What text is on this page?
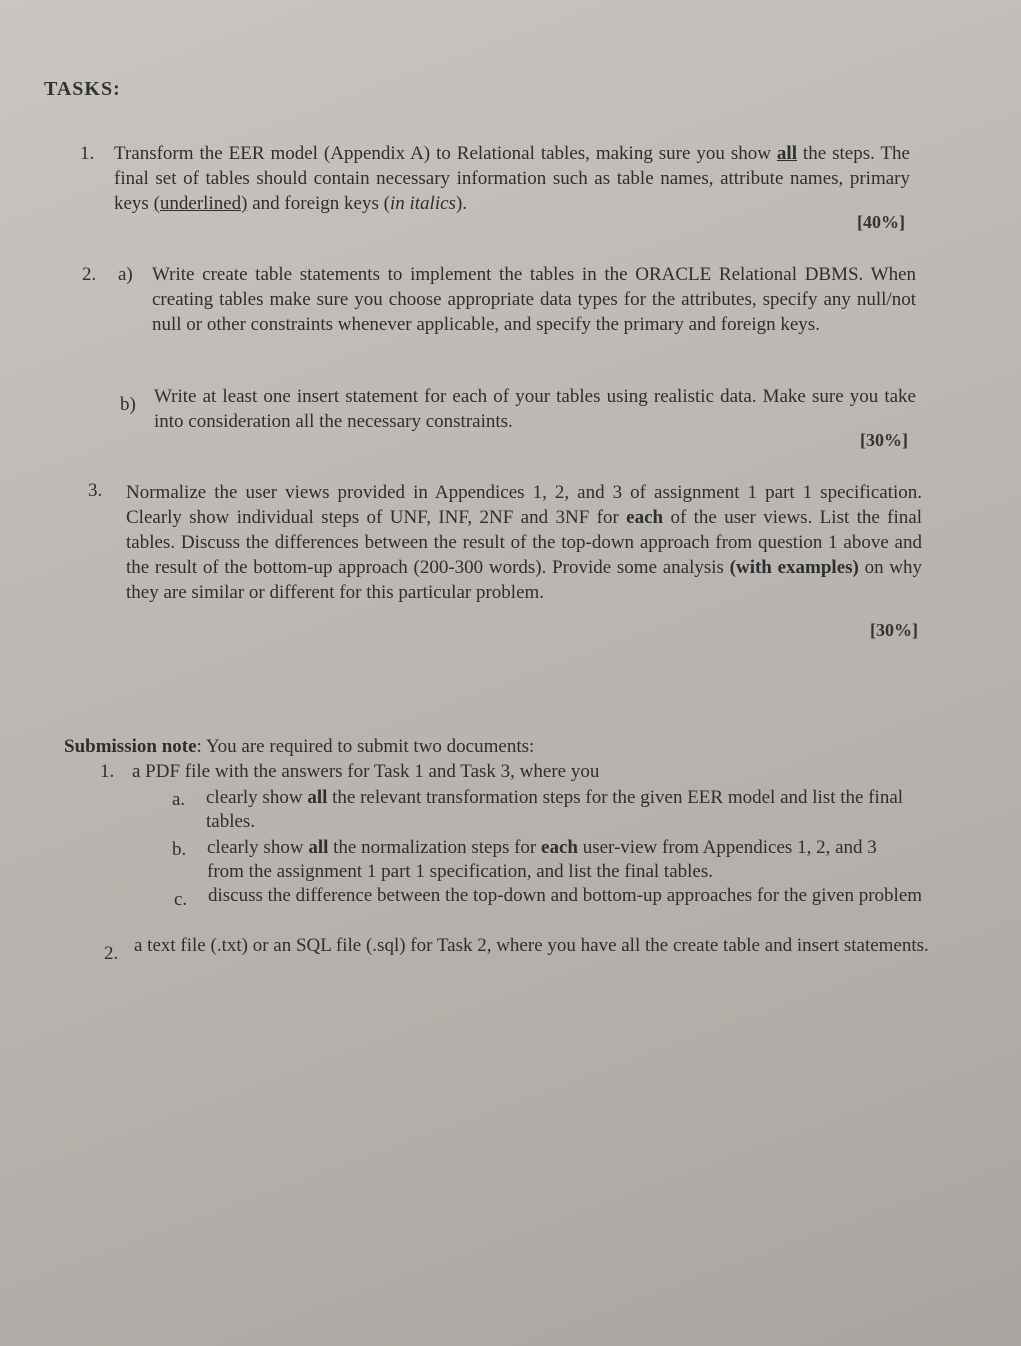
TASKS:
1. Transform the EER model (Appendix A) to Relational tables, making sure you show all the steps. The final set of tables should contain necessary information such as table names, attribute names, primary keys (underlined) and foreign keys (in italics).
[40%]
2. a) Write create table statements to implement the tables in the ORACLE Relational DBMS. When creating tables make sure you choose appropriate data types for the attributes, specify any null/not null or other constraints whenever applicable, and specify the primary and foreign keys.
b) Write at least one insert statement for each of your tables using realistic data. Make sure you take into consideration all the necessary constraints.
[30%]
3. Normalize the user views provided in Appendices 1, 2, and 3 of assignment 1 part 1 specification. Clearly show individual steps of UNF, INF, 2NF and 3NF for each of the user views. List the final tables. Discuss the differences between the result of the top-down approach from question 1 above and the result of the bottom-up approach (200-300 words). Provide some analysis (with examples) on why they are similar or different for this particular problem.
[30%]
Submission note: You are required to submit two documents:
1. a PDF file with the answers for Task 1 and Task 3, where you
a. clearly show all the relevant transformation steps for the given EER model and list the final tables.
b. clearly show all the normalization steps for each user-view from Appendices 1, 2, and 3 from the assignment 1 part 1 specification, and list the final tables.
c. discuss the difference between the top-down and bottom-up approaches for the given problem
2. a text file (.txt) or an SQL file (.sql) for Task 2, where you have all the create table and insert statements.
